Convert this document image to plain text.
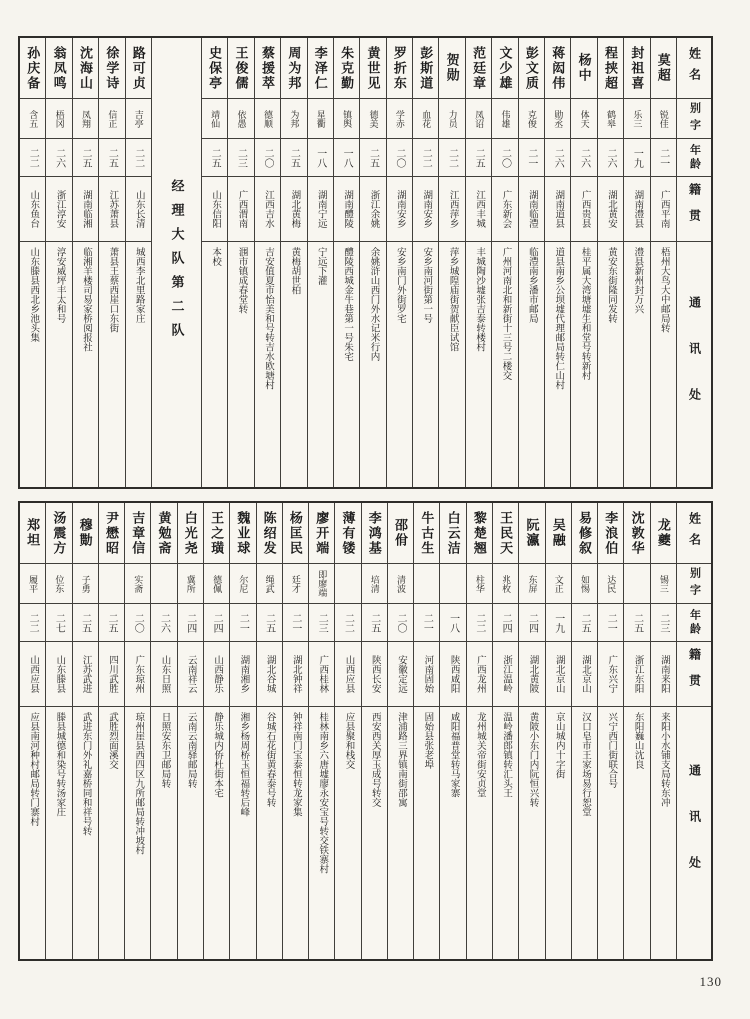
姓名
别字
年龄
籍贯
通讯处
莫超
锐佳
二一
广西平南
梧州大鸟大中邮局转
封祖喜
乐三
一九
湖南澧县
澧县新州封万兴
程挟超
鹤皋
二六
湖北黄安
黄安东街隆同发转
杨中
体天
二六
广西贵县
桂平属大湾塘墟生和堂号转新村
蒋闳伟
勋丞
二六
湖南道县
道县南乡公坝墟代理邮局转仁山村
彭文质
克俊
二一
湖南临澧
临澧南乡潘市邮局
文少雄
伟雄
二〇
广东新会
广州河南北和新街十三号二楼交
范廷章
凤诏
二五
江西丰城
丰城陶沙墟张吉泰转楼村
贺勋
力员
二二
江西萍乡
萍乡城隍庙街贺献臣试馆
彭斯道
血花
二二
湖南安乡
安乡南河街第一号
罗折东
学赤
二〇
湖南安乡
安乡南门外街罗宅
黄世见
德美
二五
浙江余姚
余姚浒山西门外水记米行内
朱克勤
镇舆
一八
湖南醴陵
醴陵西城金牛巷第一号朱宅
李泽仁
星衢
一八
湖南宁远
宁远下灌
周为邦
为邦
二五
湖北黄梅
黄梅胡世柏
蔡援萃
德顺
二〇
江西吉水
吉安值夏市怡美和号转吉水欧塘村
王俊儒
依愚
二三
广西渭南
涠市镇成春堂转
史保亭
靖仙
二五
山东信阳
本校
经理大队第二队
路可贞
吉亭
二二
山东长清
城西李北里路家庄
徐学诗
信正
二五
江苏萧县
萧县王蔡西崖口东街
沈海山
凤翔
二五
湖南临湘
临湘羊楼司易家桥阅报社
翁凤鸣
梧冈
二六
浙江淳安
淳安威坪丰太和号
孙庆备
含五
二二
山东鱼台
山东滕县西北乡池头集
姓名
别字
年龄
籍贯
通讯处
龙夔
锡三
二三
湖南来阳
来阳小水铺支局转东冲
沈敦华
二五
浙江东阳
东阳巍山沈良
李浪伯
达民
二一
广东兴宁
兴宁西门街联合号
易修叙
如惕
二五
湖北京山
汉口皂市王家场易行恕堂
吴融
文正
一九
湖北京山
京山城内十字街
阮瀛
东屏
二四
湖北黄陂
黄陂小东门内阮恒兴转
王民天
兆枚
二四
浙江温岭
温岭潘郎镇转汇头王
黎楚翘
柱华
二二
广西龙州
龙州城关帝街安贞堂
白云洁
一八
陕西咸阳
咸阳福普堂转马家寨
牛古生
二一
河南固始
固始县张老埠
邵佾
清波
二〇
安徽定远
津浦路三界镇南街邵寓
李鸿基
培清
二五
陕西长安
西安西关厚玉成号转交
薄有镂
二二
山西应县
应县聚和栈交
廖开端
即廖端
二三
广西桂林
桂林南乡六唐墟廖永安宝号转交铁寨村
杨匡民
廷才
二一
湖北钟祥
钟祥南门宝泰恒转龙家集
陈绍发
绳武
二五
湖北谷城
谷城石花街黄春泰号转
魏业球
尔尼
二一
湖南湘乡
湘乡杨周桥玉恒福转后峰
王之璜
德佩
二四
山西静乐
静乐城内侨杜街本宅
白光尧
冀所
二四
云南祥云
云南云南驿邮局转
黄勉斋
二六
山东日照
日照安东卫邮局转
吉章信
实斋
二〇
广东琼州
琼州崖县西四区九所邮局转冲坡村
尹懋昭
二五
四川武胜
武胜烈面溪交
穆勚
子勇
二五
江苏武进
武进东门外礼嘉桥同和祥号转
汤震方
位东
二七
山东滕县
滕县城德和染号转汤家庄
郑坦
履平
二二
山西应县
应县南河种村邮局转门寨村
130
